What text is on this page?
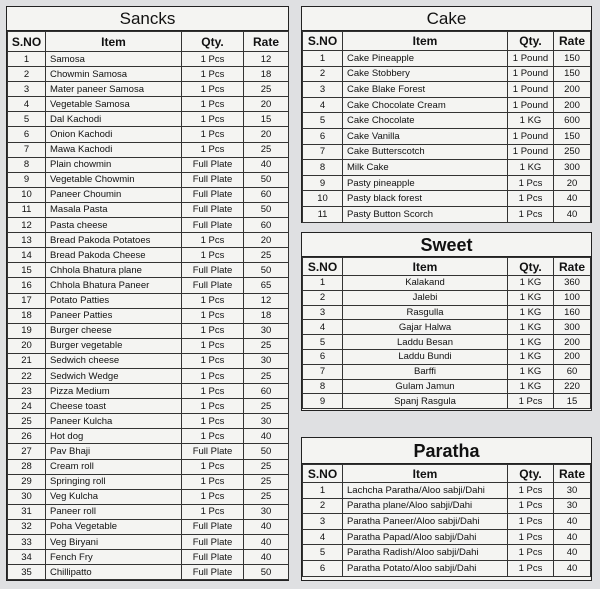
Sancks
S.NO	Item	Qty.	Rate
1	Samosa	1 Pcs	12
2	Chowmin Samosa	1 Pcs	18
3	Mater paneer Samosa	1 Pcs	25
4	Vegetable Samosa	1 Pcs	20
5	Dal Kachodi	1 Pcs	15
6	Onion Kachodi	1 Pcs	20
7	Mawa Kachodi	1 Pcs	25
8	Plain chowmin	Full Plate	40
9	Vegetable Chowmin	Full Plate	50
10	Paneer Choumin	Full Plate	60
11	Masala Pasta	Full Plate	50
12	Pasta cheese	Full Plate	60
13	Bread Pakoda Potatoes	1 Pcs	20
14	Bread Pakoda Cheese	1 Pcs	25
15	Chhola Bhatura plane	Full Plate	50
16	Chhola Bhatura Paneer	Full Plate	65
17	Potato Patties	1 Pcs	12
18	Paneer Patties	1 Pcs	18
19	Burger cheese	1 Pcs	30
20	Burger vegetable	1 Pcs	25
21	Sedwich cheese	1 Pcs	30
22	Sedwich Wedge	1 Pcs	25
23	Pizza Medium	1 Pcs	60
24	Cheese toast	1 Pcs	25
25	Paneer Kulcha	1 Pcs	30
26	Hot dog	1 Pcs	40
27	Pav Bhaji	Full Plate	50
28	Cream roll	1 Pcs	25
29	Springing roll	1 Pcs	25
30	Veg Kulcha	1 Pcs	25
31	Paneer roll	1 Pcs	30
32	Poha Vegetable	Full Plate	40
33	Veg Biryani	Full Plate	40
34	Fench Fry	Full Plate	40
35	Chillipatto	Full Plate	50
Cake
S.NO	Item	Qty.	Rate
1	Cake Pineapple	1 Pound	150
2	Cake Stobbery	1 Pound	150
3	Cake Blake Forest	1 Pound	200
4	Cake Chocolate Cream	1 Pound	200
5	Cake Chocolate	1 KG	600
6	Cake Vanilla	1 Pound	150
7	Cake Butterscotch	1 Pound	250
8	Milk Cake	1 KG	300
9	Pasty pineapple	1 Pcs	20
10	Pasty black forest	1 Pcs	40
11	Pasty Button Scorch	1 Pcs	40
Sweet
S.NO	Item	Qty.	Rate
1	Kalakand	1 KG	360
2	Jalebi	1 KG	100
3	Rasgulla	1 KG	160
4	Gajar Halwa	1 KG	300
5	Laddu Besan	1 KG	200
6	Laddu Bundi	1 KG	200
7	Barffi	1 KG	60
8	Gulam Jamun	1 KG	220
9	Spanj Rasgula	1 Pcs	15
Paratha
S.NO	Item	Qty.	Rate
1	Lachcha Paratha/Aloo sabji/Dahi	1 Pcs	30
2	Paratha plane/Aloo sabji/Dahi	1 Pcs	30
3	Paratha Paneer/Aloo sabji/Dahi	1 Pcs	40
4	Paratha Papad/Aloo sabji/Dahi	1 Pcs	40
5	Paratha Radish/Aloo sabji/Dahi	1 Pcs	40
6	Paratha Potato/Aloo sabji/Dahi	1 Pcs	40
